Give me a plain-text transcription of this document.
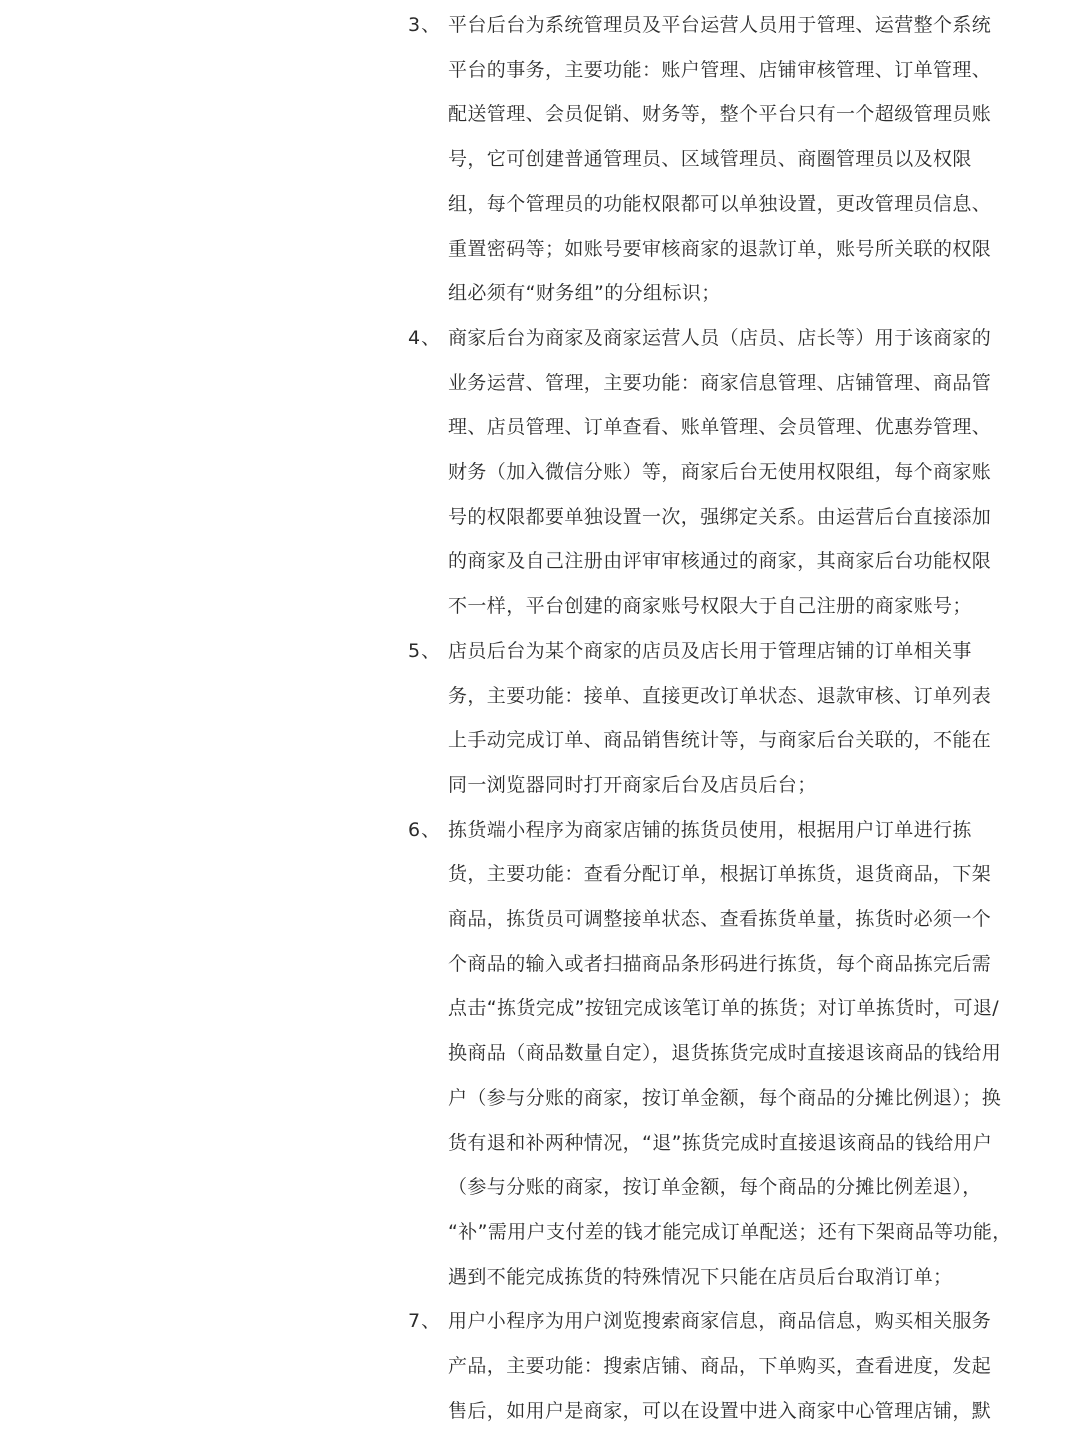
3、 平台后台为系统管理员及平台运营人员用于管理、运营整个系统
平台的事务，主要功能：账户管理、店铺审核管理、订单管理、
配送管理、会员促销、财务等，整个平台只有一个超级管理员账
号，它可创建普通管理员、区域管理员、商圈管理员以及权限
组，每个管理员的功能权限都可以单独设置，更改管理员信息、
重置密码等；如账号要审核商家的退款订单，账号所关联的权限
组必须有“财务组”的分组标识；
4、 商家后台为商家及商家运营人员（店员、店长等）用于该商家的
业务运营、管理，主要功能：商家信息管理、店铺管理、商品管
理、店员管理、订单查看、账单管理、会员管理、优惠券管理、
财务（加入微信分账）等，商家后台无使用权限组，每个商家账
号的权限都要单独设置一次，强绑定关系。由运营后台直接添加
的商家及自己注册由评审审核通过的商家，其商家后台功能权限
不一样，平台创建的商家账号权限大于自己注册的商家账号；
5、 店员后台为某个商家的店员及店长用于管理店铺的订单相关事
务，主要功能：接单、直接更改订单状态、退款审核、订单列表
上手动完成订单、商品销售统计等，与商家后台关联的，不能在
同一浏览器同时打开商家后台及店员后台；
6、 拣货端小程序为商家店铺的拣货员使用，根据用户订单进行拣
货，主要功能：查看分配订单，根据订单拣货，退货商品，下架
商品，拣货员可调整接单状态、查看拣货单量，拣货时必须一个
个商品的输入或者扫描商品条形码进行拣货，每个商品拣完后需
点击“拣货完成”按钮完成该笔订单的拣货；对订单拣货时，可退/
换商品（商品数量自定），退货拣货完成时直接退该商品的钱给用
户（参与分账的商家，按订单金额，每个商品的分摊比例退）；换
货有退和补两种情况，“退”拣货完成时直接退该商品的钱给用户
（参与分账的商家，按订单金额，每个商品的分摊比例差退），
“补”需用户支付差的钱才能完成订单配送；还有下架商品等功能，
遇到不能完成拣货的特殊情况下只能在店员后台取消订单；
7、 用户小程序为用户浏览搜索商家信息，商品信息，购买相关服务
产品，主要功能：搜索店铺、商品，下单购买，查看进度，发起
售后，如用户是商家，可以在设置中进入商家中心管理店铺，默
